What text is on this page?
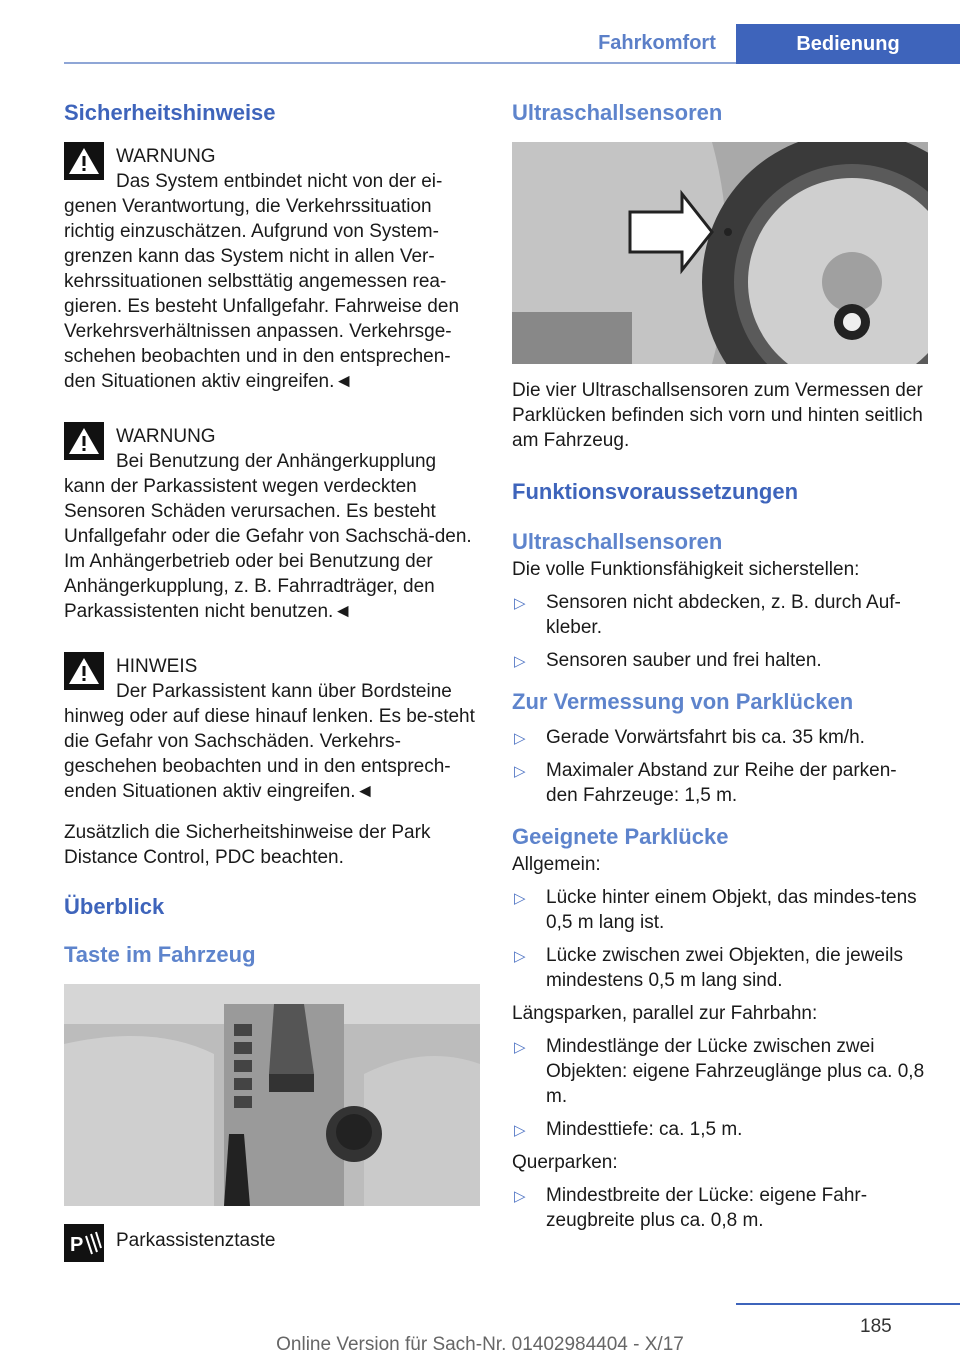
Fahrkomfort	Bedienung
Sicherheitshinweise

WARNUNG

Das System entbindet nicht von der ei-genen Verantwortung, die Verkehrssituation richtig einzuschätzen. Aufgrund von System-grenzen kann das System nicht in allen Ver-kehrssituationen selbsttätig angemessen rea-gieren. Es besteht Unfallgefahr. Fahrweise den Verkehrsverhältnissen anpassen. Verkehrsge-schehen beobachten und in den entsprechen-den Situationen aktiv eingreifen.◄

WARNUNG

Bei Benutzung der Anhängerkupplung kann der Parkassistent wegen verdeckten Sensoren Schäden verursachen. Es besteht Unfallgefahr oder die Gefahr von Sachschä-den. Im Anhängerbetrieb oder bei Benutzung der Anhängerkupplung, z. B. Fahrradträger, den Parkassistenten nicht benutzen.◄

HINWEIS

Der Parkassistent kann über Bordsteine hinweg oder auf diese hinauf lenken. Es be-steht die Gefahr von Sachschäden. Verkehrs-geschehen beobachten und in den entsprech-enden Situationen aktiv eingreifen.◄

Zusätzlich die Sicherheitshinweise der Park Distance Control, PDC beachten.

Überblick
Taste im Fahrzeug
P Parkassistenztaste

Ultraschallsensoren

Die vier Ultraschallsensoren zum Vermessen der Parklücken befinden sich vorn und hinten seitlich am Fahrzeug.

Funktionsvoraussetzungen
Ultraschallsensoren

Die volle Funktionsfähigkeit sicherstellen:

▷ Sensoren nicht abdecken, z. B. durch Auf-kleber.
▷ Sensoren sauber und frei halten.
Zur Vermessung von Parklücken
▷ Gerade Vorwärtsfahrt bis ca. 35 km/h.
▷ Maximaler Abstand zur Reihe der parken-den Fahrzeuge: 1,5 m.
Geeignete Parklücke

Allgemein:

▷ Lücke hinter einem Objekt, das mindes-tens 0,5 m lang ist.
▷ Lücke zwischen zwei Objekten, die jeweils mindestens 0,5 m lang sind.

Längsparken, parallel zur Fahrbahn:

▷ Mindestlänge der Lücke zwischen zwei Objekten: eigene Fahrzeuglänge plus ca. 0,8 m.
▷ Mindesttiefe: ca. 1,5 m.

Querparken:

▷ Mindestbreite der Lücke: eigene Fahr-zeugbreite plus ca. 0,8 m.
185
Online Version für Sach-Nr. 01402984404 - X/17
